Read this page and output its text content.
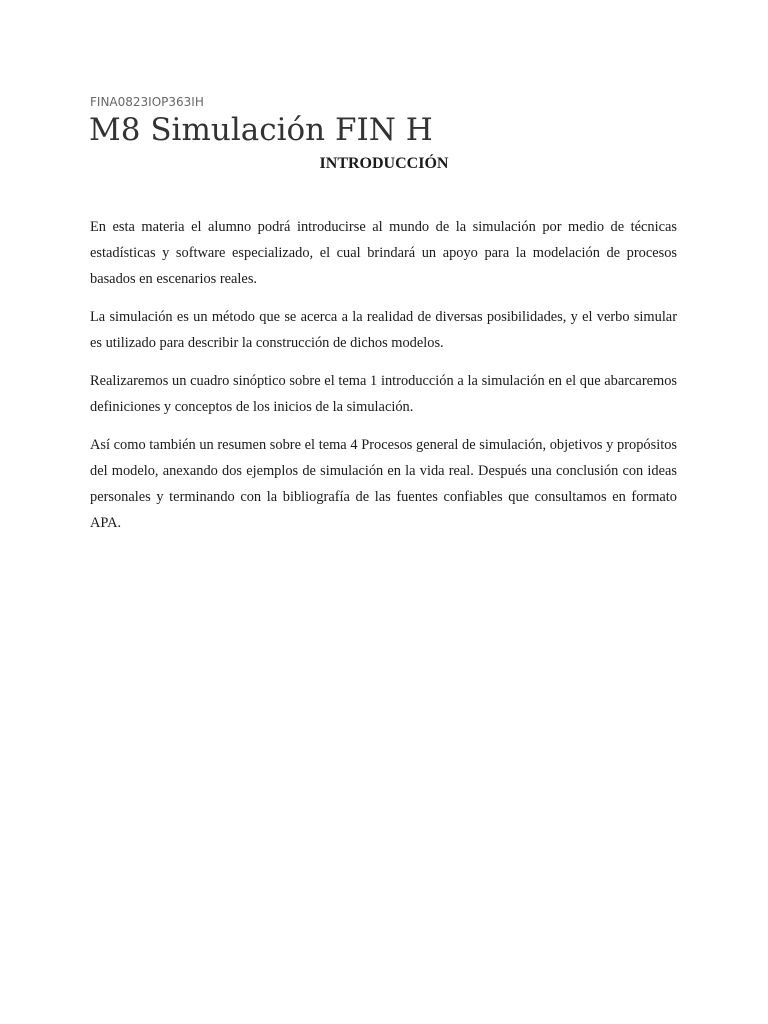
FINA0823IOP363IH
M8 Simulación FIN H
INTRODUCCIÓN

En esta materia el alumno podrá introducirse al mundo de la simulación por medio de técnicas estadísticas y software especializado, el cual brindará un apoyo para la modelación de procesos basados en escenarios reales.

La simulación es un método que se acerca a la realidad de diversas posibilidades, y el verbo simular es utilizado para describir la construcción de dichos modelos.

Realizaremos un cuadro sinóptico sobre el tema 1 introducción a la simulación en el que abarcaremos definiciones y conceptos de los inicios de la simulación.

Así como también un resumen sobre el tema 4 Procesos general de simulación, objetivos y propósitos del modelo, anexando dos ejemplos de simulación en la vida real. Después una conclusión con ideas personales y terminando con la bibliografía de las fuentes confiables que consultamos en formato APA.
